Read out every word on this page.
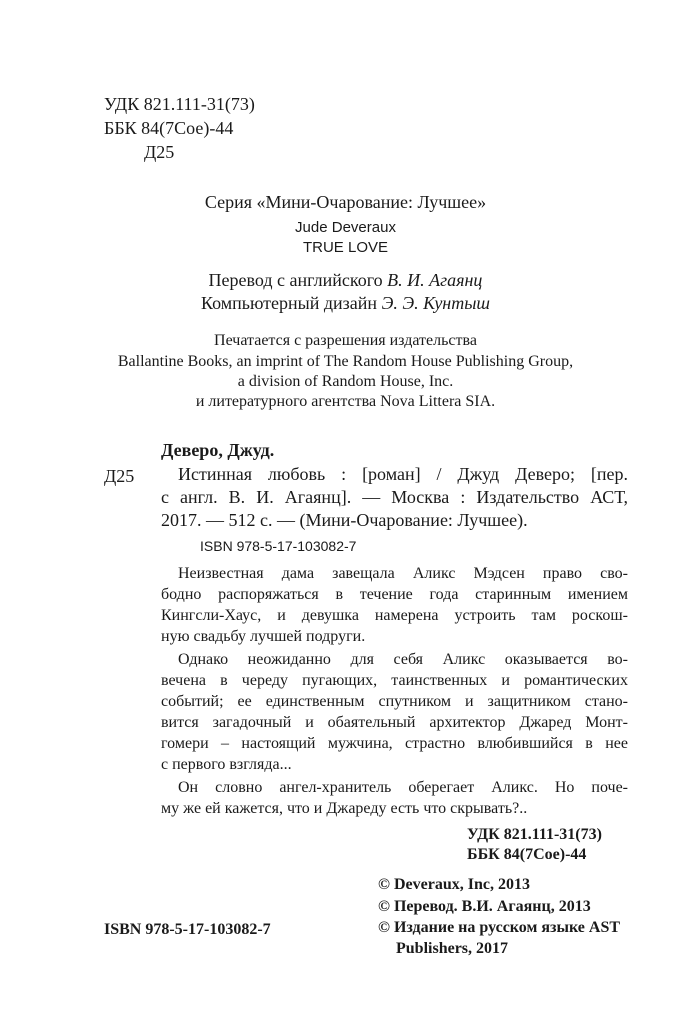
УДК 821.111-31(73)
ББК 84(7Сое)-44
Д25
Серия «Мини-Очарование: Лучшее»
Jude Deveraux
TRUE LOVE
Перевод с английского В. И. Агаянц
Компьютерный дизайн Э. Э. Кунтыш
Печатается с разрешения издательства
Ballantine Books, an imprint of The Random House Publishing Group,
a division of Random House, Inc.
и литературного агентства Nova Littera SIA.
Деверо, Джуд.
Д25 Истинная любовь : [роман] / Джуд Деверо; [пер.
с англ. В. И. Агаянц]. — Москва : Издательство АСТ,
2017. — 512 с. — (Мини-Очарование: Лучшее).
ISBN 978-5-17-103082-7
Неизвестная дама завещала Аликс Мэдсен право сво-
бодно распоряжаться в течение года старинным имением
Кингсли-Хаус, и девушка намерена устроить там роскош-
ную свадьбу лучшей подруги.
Однако неожиданно для себя Аликс оказывается во-
вечена в череду пугающих, таинственных и романтических
событий; ее единственным спутником и защитником стано-
вится загадочный и обаятельный архитектор Джаред Монт-
гомери – настоящий мужчина, страстно влюбившийся в нее
с первого взгляда...
Он словно ангел-хранитель оберегает Аликс. Но поче-
му же ей кажется, что и Джареду есть что скрывать?..
УДК 821.111-31(73)
ББК 84(7Сое)-44
© Deveraux, Inc, 2013
© Перевод. В.И. Агаянц, 2013
© Издание на русском языке AST
Publishers, 2017
ISBN 978-5-17-103082-7
